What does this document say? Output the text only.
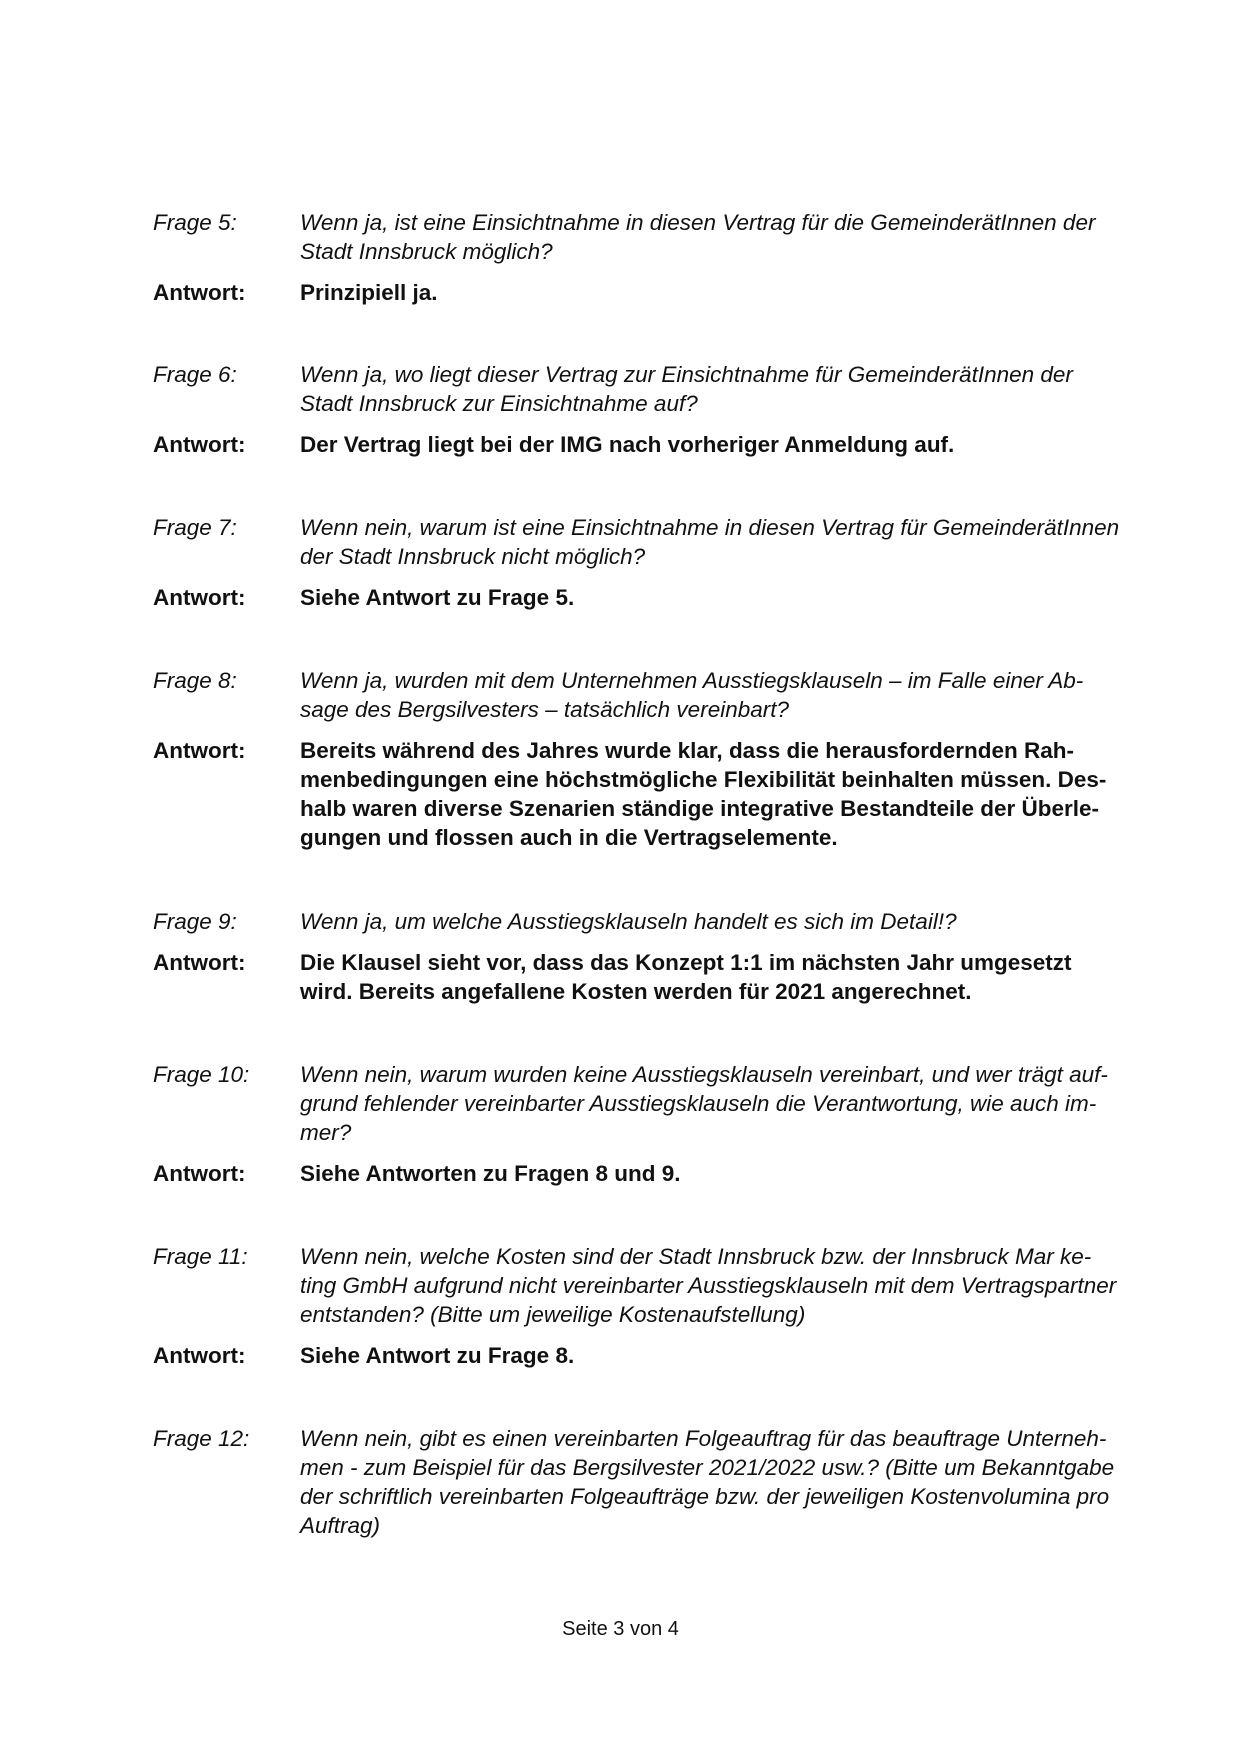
Frage 5:	Wenn ja, ist eine Einsichtnahme in diesen Vertrag für die GemeinderätInnen der
Stadt Innsbruck möglich?
Antwort:	Prinzipiell ja.
Frage 6:	Wenn ja, wo liegt dieser Vertrag zur Einsichtnahme für GemeinderätInnen der
Stadt Innsbruck zur Einsichtnahme auf?
Antwort:	Der Vertrag liegt bei der IMG nach vorheriger Anmeldung auf.
Frage 7:	Wenn nein, warum ist eine Einsichtnahme in diesen Vertrag für GemeinderätInnen
der Stadt Innsbruck nicht möglich?
Antwort:	Siehe Antwort zu Frage 5.
Frage 8:	Wenn ja, wurden mit dem Unternehmen Ausstiegsklauseln – im Falle einer Ab-
sage des Bergsilvesters – tatsächlich vereinbart?
Antwort:	Bereits während des Jahres wurde klar, dass die herausfordernden Rah-
menbedingungen eine höchstmögliche Flexibilität beinhalten müssen. Des-
halb waren diverse Szenarien ständige integrative Bestandteile der Überle-
gungen und flossen auch in die Vertragselemente.
Frage 9:	Wenn ja, um welche Ausstiegsklauseln handelt es sich im Detail!?
Antwort:	Die Klausel sieht vor, dass das Konzept 1:1 im nächsten Jahr umgesetzt
wird. Bereits angefallene Kosten werden für 2021 angerechnet.
Frage 10:	Wenn nein, warum wurden keine Ausstiegsklauseln vereinbart, und wer trägt auf-
grund fehlender vereinbarter Ausstiegsklauseln die Verantwortung, wie auch im-
mer?
Antwort:	Siehe Antworten zu Fragen 8 und 9.
Frage 11:	Wenn nein, welche Kosten sind der Stadt Innsbruck bzw. der Innsbruck Mar ke-
ting GmbH aufgrund nicht vereinbarter Ausstiegsklauseln mit dem Vertragspartner
entstanden? (Bitte um jeweilige Kostenaufstellung)
Antwort:	Siehe Antwort zu Frage 8.
Frage 12:	Wenn nein, gibt es einen vereinbarten Folgeauftrag für das beauftrage Unterneh-
men - zum Beispiel für das Bergsilvester 2021/2022 usw.? (Bitte um Bekanntgabe
der schriftlich vereinbarten Folgeaufträge bzw. der jeweiligen Kostenvolumina pro
Auftrag)
Seite 3 von 4
